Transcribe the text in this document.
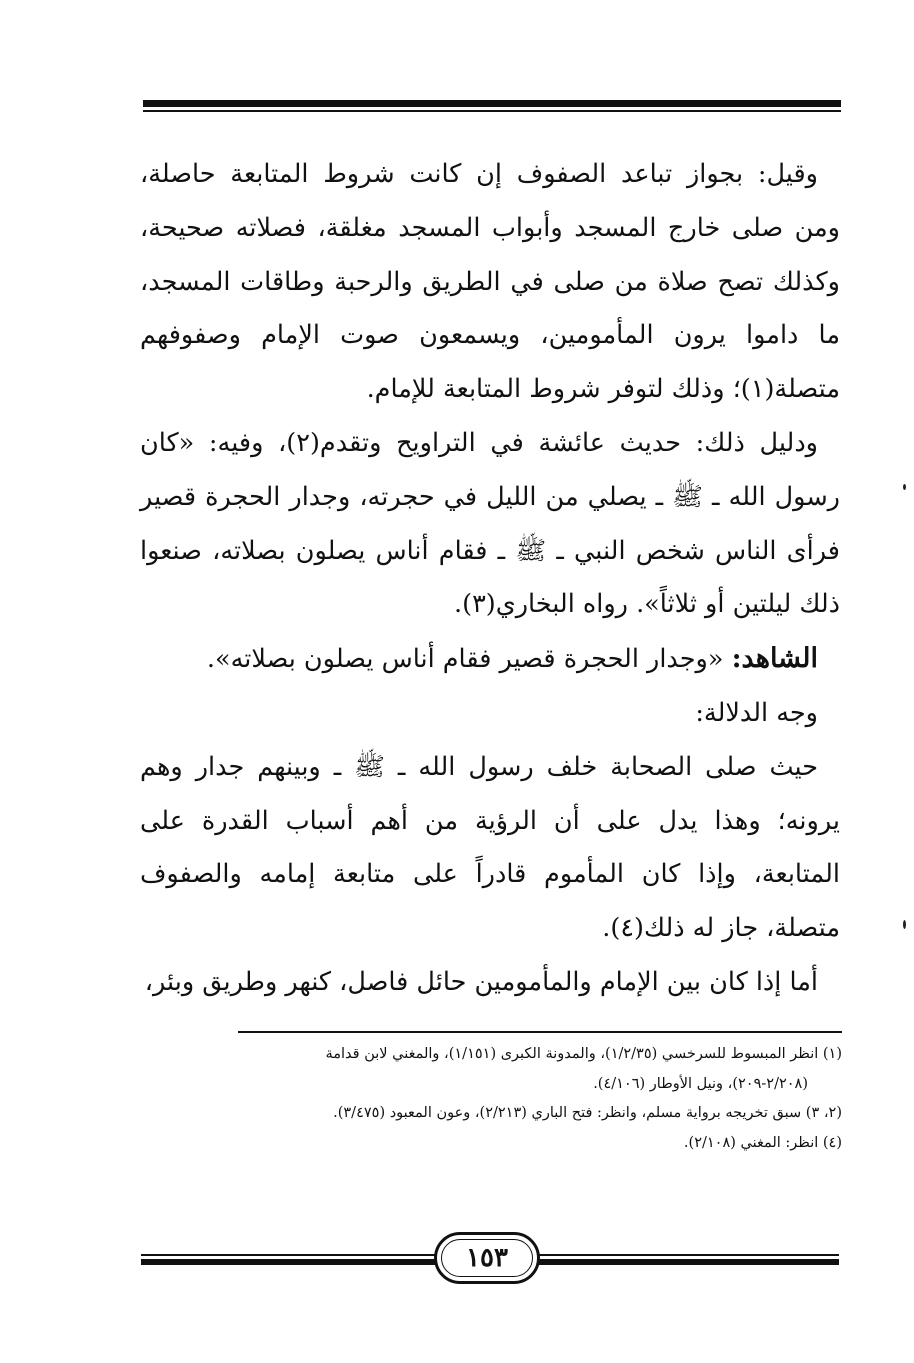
وقيل: بجواز تباعد الصفوف إن كانت شروط المتابعة حاصلة، ومن صلى خارج المسجد وأبواب المسجد مغلقة، فصلاته صحيحة، وكذلك تصح صلاة من صلى في الطريق والرحبة وطاقات المسجد، ما داموا يرون المأمومين، ويسمعون صوت الإمام وصفوفهم متصلة(١)؛ وذلك لتوفر شروط المتابعة للإمام.

ودليل ذلك: حديث عائشة في التراويح وتقدم(٢)، وفيه: «كان رسول الله ـ ﷺ ـ يصلي من الليل في حجرته، وجدار الحجرة قصير فرأى الناس شخص النبي ـ ﷺ ـ فقام أناس يصلون بصلاته، صنعوا ذلك ليلتين أو ثلاثاً». رواه البخاري(٣).

الشاهد: «وجدار الحجرة قصير فقام أناس يصلون بصلاته».

وجه الدلالة:

حيث صلى الصحابة خلف رسول الله ـ ﷺ ـ وبينهم جدار وهم يرونه؛ وهذا يدل على أن الرؤية من أهم أسباب القدرة على المتابعة، وإذا كان المأموم قادراً على متابعة إمامه والصفوف متصلة، جاز له ذلك(٤).

أما إذا كان بين الإمام والمأمومين حائل فاصل، كنهر وطريق وبئر،

(١) انظر المبسوط للسرخسي (١/٢/٣٥)، والمدونة الكبرى (١/١٥١)، والمغني لابن قدامة

(٢/٢٠٨-٢٠٩)، ونيل الأوطار (٤/١٠٦).

(٢، ٣) سبق تخريجه برواية مسلم، وانظر: فتح الباري (٢/٢١٣)، وعون المعبود (٣/٤٧٥).

(٤) انظر: المغني (٢/١٠٨).

١٥٣
